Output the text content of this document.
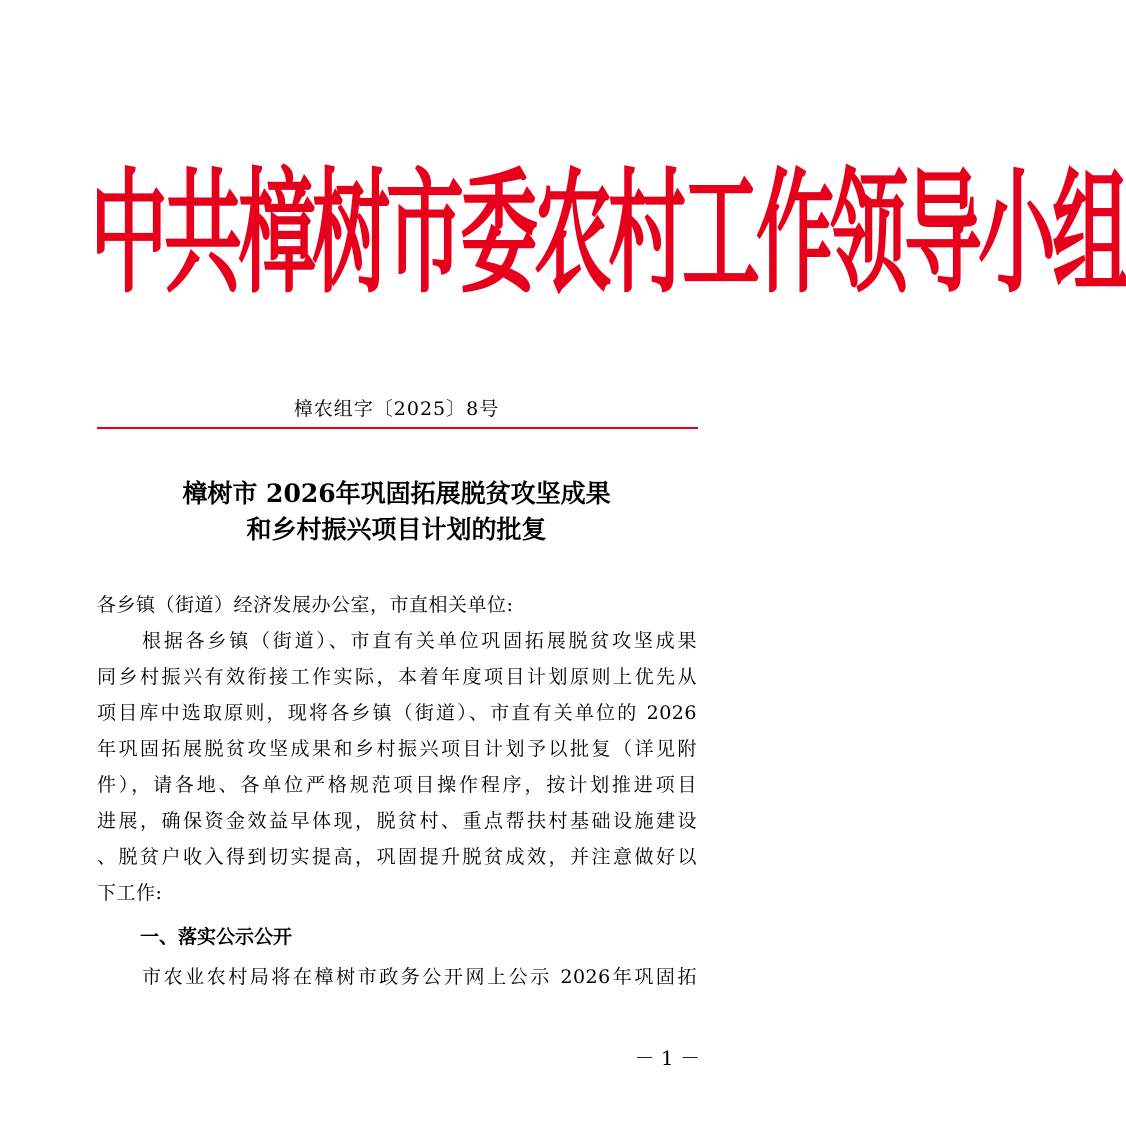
中共樟树市委农村工作领导小组
樟农组字〔2025〕8号
樟树市 2026年巩固拓展脱贫攻坚成果
和乡村振兴项目计划的批复
各乡镇（街道）经济发展办公室，市直相关单位:
根据各乡镇（街道）、市直有关单位巩固拓展脱贫攻坚成果
同乡村振兴有效衔接工作实际，本着年度项目计划原则上优先从
项目库中选取原则，现将各乡镇（街道）、市直有关单位的 2026
年巩固拓展脱贫攻坚成果和乡村振兴项目计划予以批复（详见附
件），请各地、各单位严格规范项目操作程序，按计划推进项目
进展，确保资金效益早体现，脱贫村、重点帮扶村基础设施建设
、脱贫户收入得到切实提高，巩固提升脱贫成效，并注意做好以
下工作:
一、落实公示公开
市农业农村局将在樟树市政务公开网上公示 2026年巩固拓
－ 1 －
